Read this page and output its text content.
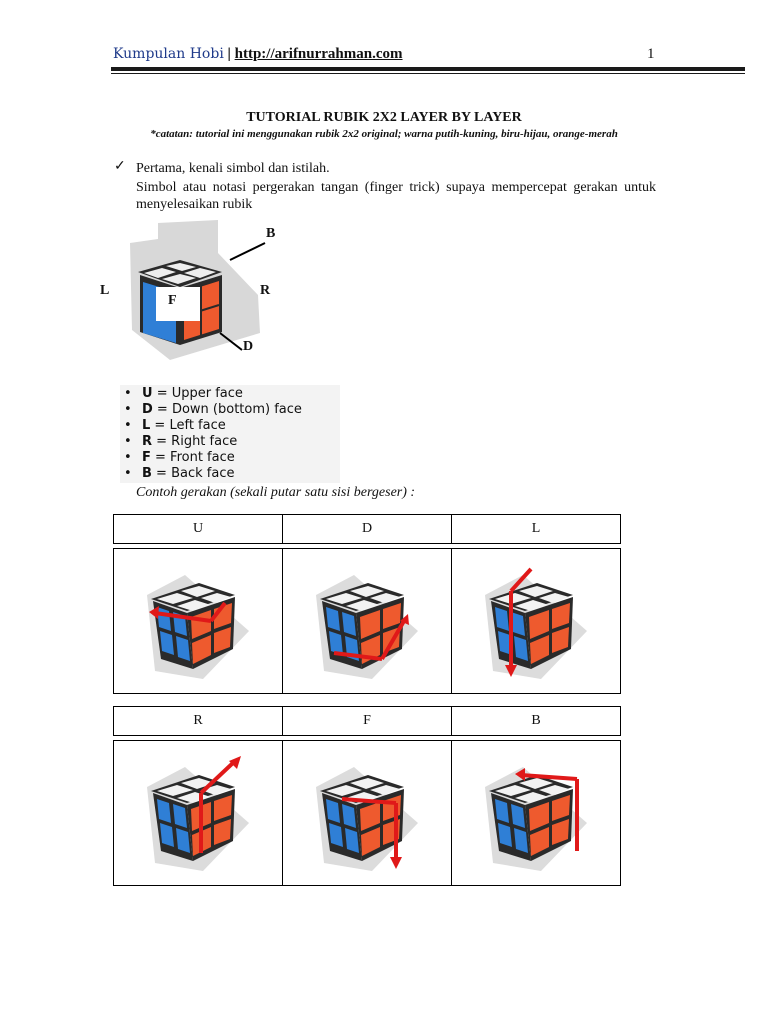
Kumpulan Hobi | http://arifnurrahman.com	1
TUTORIAL RUBIK 2X2 LAYER BY LAYER
*catatan: tutorial ini menggunakan rubik 2x2 original; warna putih-kuning, biru-hijau, orange-merah
✓ Pertama, kenali simbol dan istilah.
Simbol atau notasi pergerakan tangan (finger trick) supaya mempercepat gerakan untuk menyelesaikan rubik
B
L	R
F
D
• U = Upper face
• D = Down (bottom) face
• L = Left face
• R = Right face
• F = Front face
• B = Back face
Contoh gerakan (sekali putar satu sisi bergeser) :
U	D	L
R	F	B
